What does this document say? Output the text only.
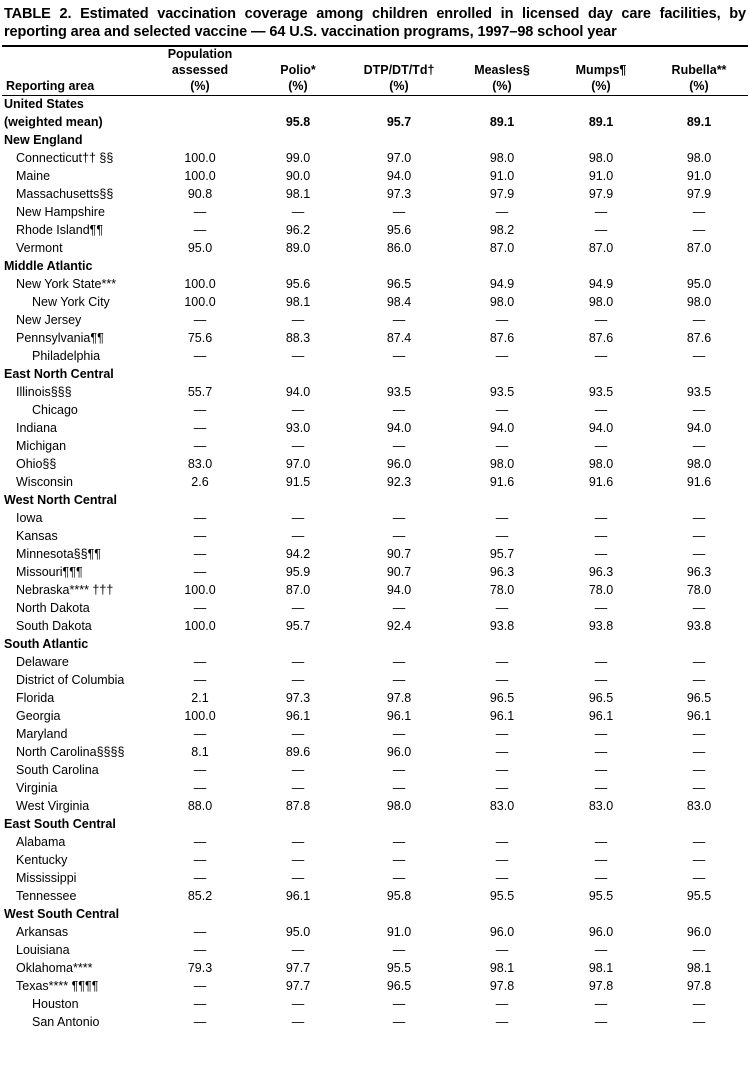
TABLE 2. Estimated vaccination coverage among children enrolled in licensed day care facilities, by reporting area and selected vaccine — 64 U.S. vaccination programs, 1997–98 school year
	Population					
	assessed	Polio*	DTP/DT/Td†	Measles§	Mumps¶	Rubella**
Reporting area	(%)	(%)	(%)	(%)	(%)	(%)
United States						
(weighted mean)		95.8	95.7	89.1	89.1	89.1
New England						
Connecticut†† §§	100.0	99.0	97.0	98.0	98.0	98.0
Maine	100.0	90.0	94.0	91.0	91.0	91.0
Massachusetts§§	90.8	98.1	97.3	97.9	97.9	97.9
New Hampshire	—	—	—	—	—	—
Rhode Island¶¶	—	96.2	95.6	98.2	—	—
Vermont	95.0	89.0	86.0	87.0	87.0	87.0
Middle Atlantic						
New York State***	100.0	95.6	96.5	94.9	94.9	95.0
New York City	100.0	98.1	98.4	98.0	98.0	98.0
New Jersey	—	—	—	—	—	—
Pennsylvania¶¶	75.6	88.3	87.4	87.6	87.6	87.6
Philadelphia	—	—	—	—	—	—
East North Central						
Illinois§§§	55.7	94.0	93.5	93.5	93.5	93.5
Chicago	—	—	—	—	—	—
Indiana	—	93.0	94.0	94.0	94.0	94.0
Michigan	—	—	—	—	—	—
Ohio§§	83.0	97.0	96.0	98.0	98.0	98.0
Wisconsin	2.6	91.5	92.3	91.6	91.6	91.6
West North Central						
Iowa	—	—	—	—	—	—
Kansas	—	—	—	—	—	—
Minnesota§§¶¶	—	94.2	90.7	95.7	—	—
Missouri¶¶¶	—	95.9	90.7	96.3	96.3	96.3
Nebraska**** †††	100.0	87.0	94.0	78.0	78.0	78.0
North Dakota	—	—	—	—	—	—
South Dakota	100.0	95.7	92.4	93.8	93.8	93.8
South Atlantic						
Delaware	—	—	—	—	—	—
District of Columbia	—	—	—	—	—	—
Florida	2.1	97.3	97.8	96.5	96.5	96.5
Georgia	100.0	96.1	96.1	96.1	96.1	96.1
Maryland	—	—	—	—	—	—
North Carolina§§§§	8.1	89.6	96.0	—	—	—
South Carolina	—	—	—	—	—	—
Virginia	—	—	—	—	—	—
West Virginia	88.0	87.8	98.0	83.0	83.0	83.0
East South Central						
Alabama	—	—	—	—	—	—
Kentucky	—	—	—	—	—	—
Mississippi	—	—	—	—	—	—
Tennessee	85.2	96.1	95.8	95.5	95.5	95.5
West South Central						
Arkansas	—	95.0	91.0	96.0	96.0	96.0
Louisiana	—	—	—	—	—	—
Oklahoma****	79.3	97.7	95.5	98.1	98.1	98.1
Texas**** ¶¶¶¶	—	97.7	96.5	97.8	97.8	97.8
Houston	—	—	—	—	—	—
San Antonio	—	—	—	—	—	—
